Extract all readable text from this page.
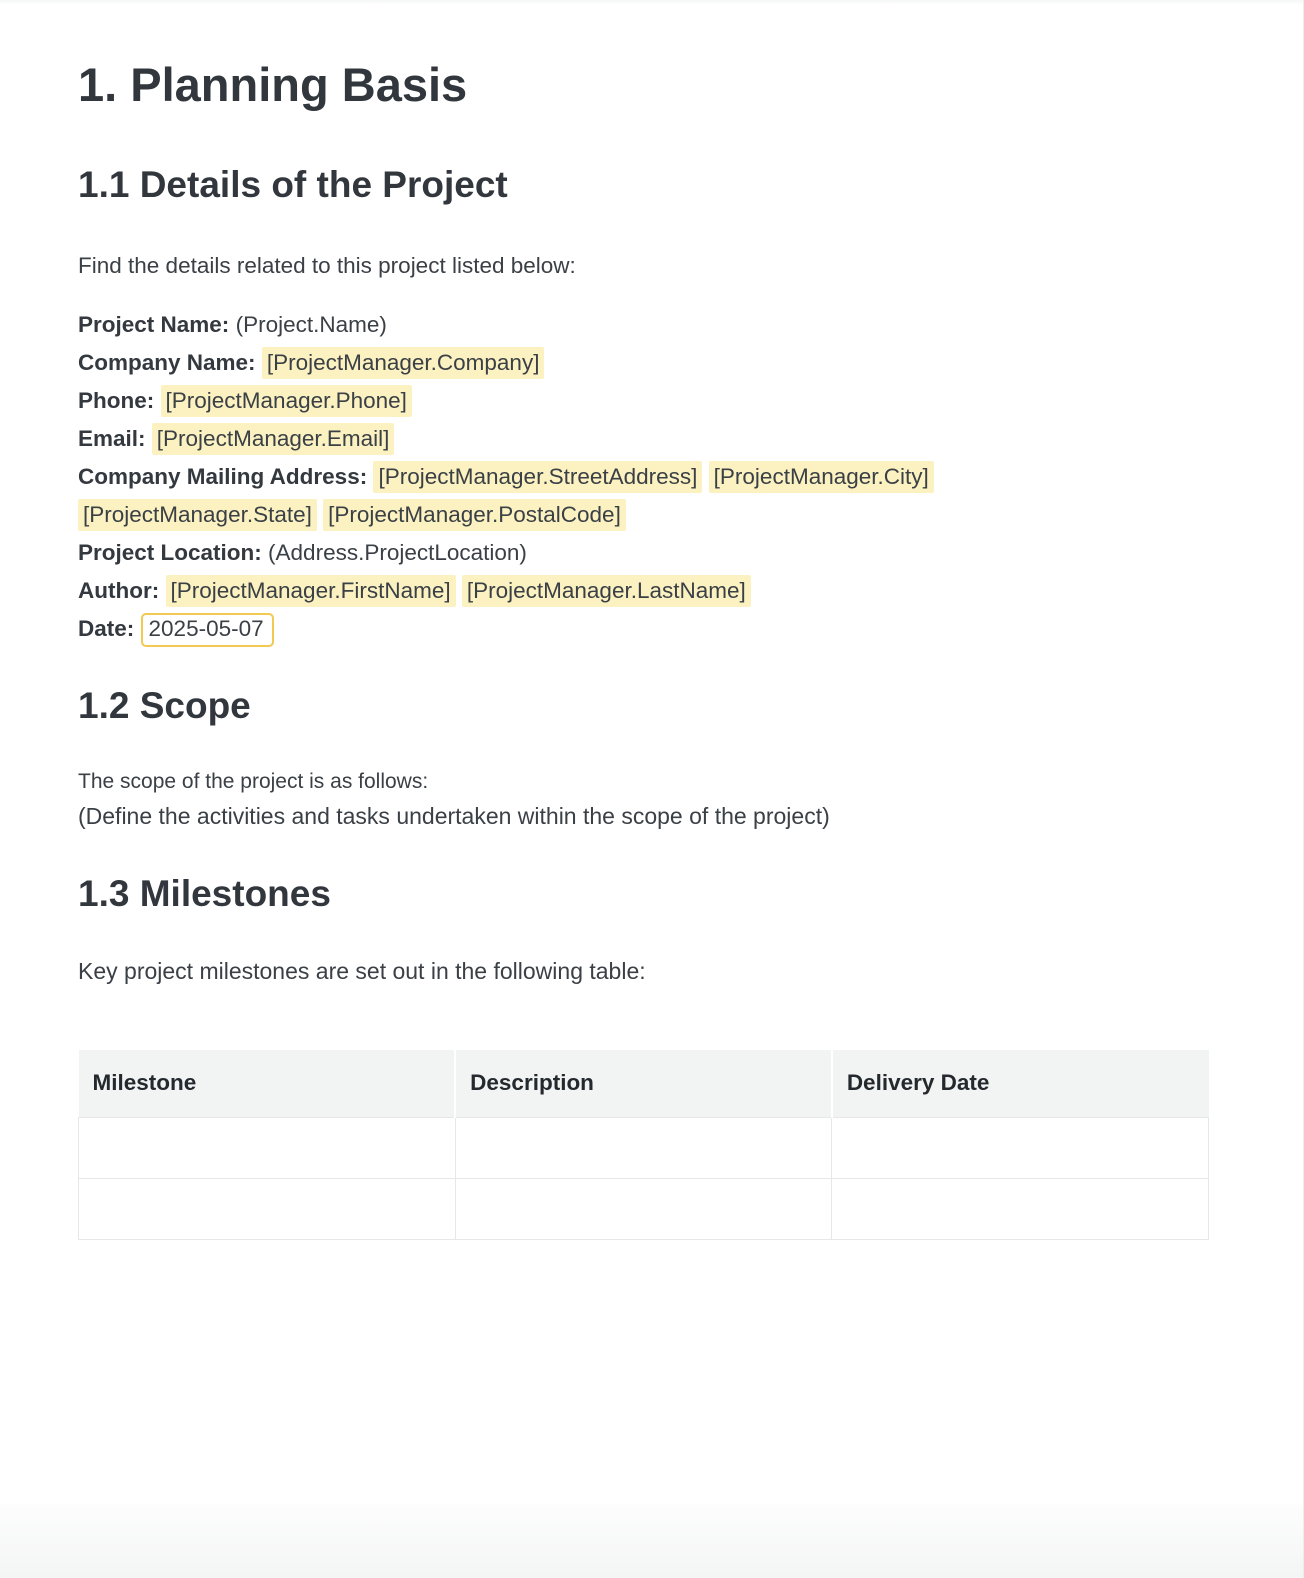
1. Planning Basis
1.1 Details of the Project

Find the details related to this project listed below:

Project Name: (Project.Name)

Company Name: [ProjectManager.Company]

Phone: [ProjectManager.Phone]

Email: [ProjectManager.Email]

Company Mailing Address: [ProjectManager.StreetAddress] [ProjectManager.City]
[ProjectManager.State] [ProjectManager.PostalCode]

Project Location: (Address.ProjectLocation)

Author: [ProjectManager.FirstName] [ProjectManager.LastName]

Date: 2025-05-07

1.2 Scope

The scope of the project is as follows:

(Define the activities and tasks undertaken within the scope of the project)

1.3 Milestones

Key project milestones are set out in the following table:

Milestone	Description	Delivery Date
